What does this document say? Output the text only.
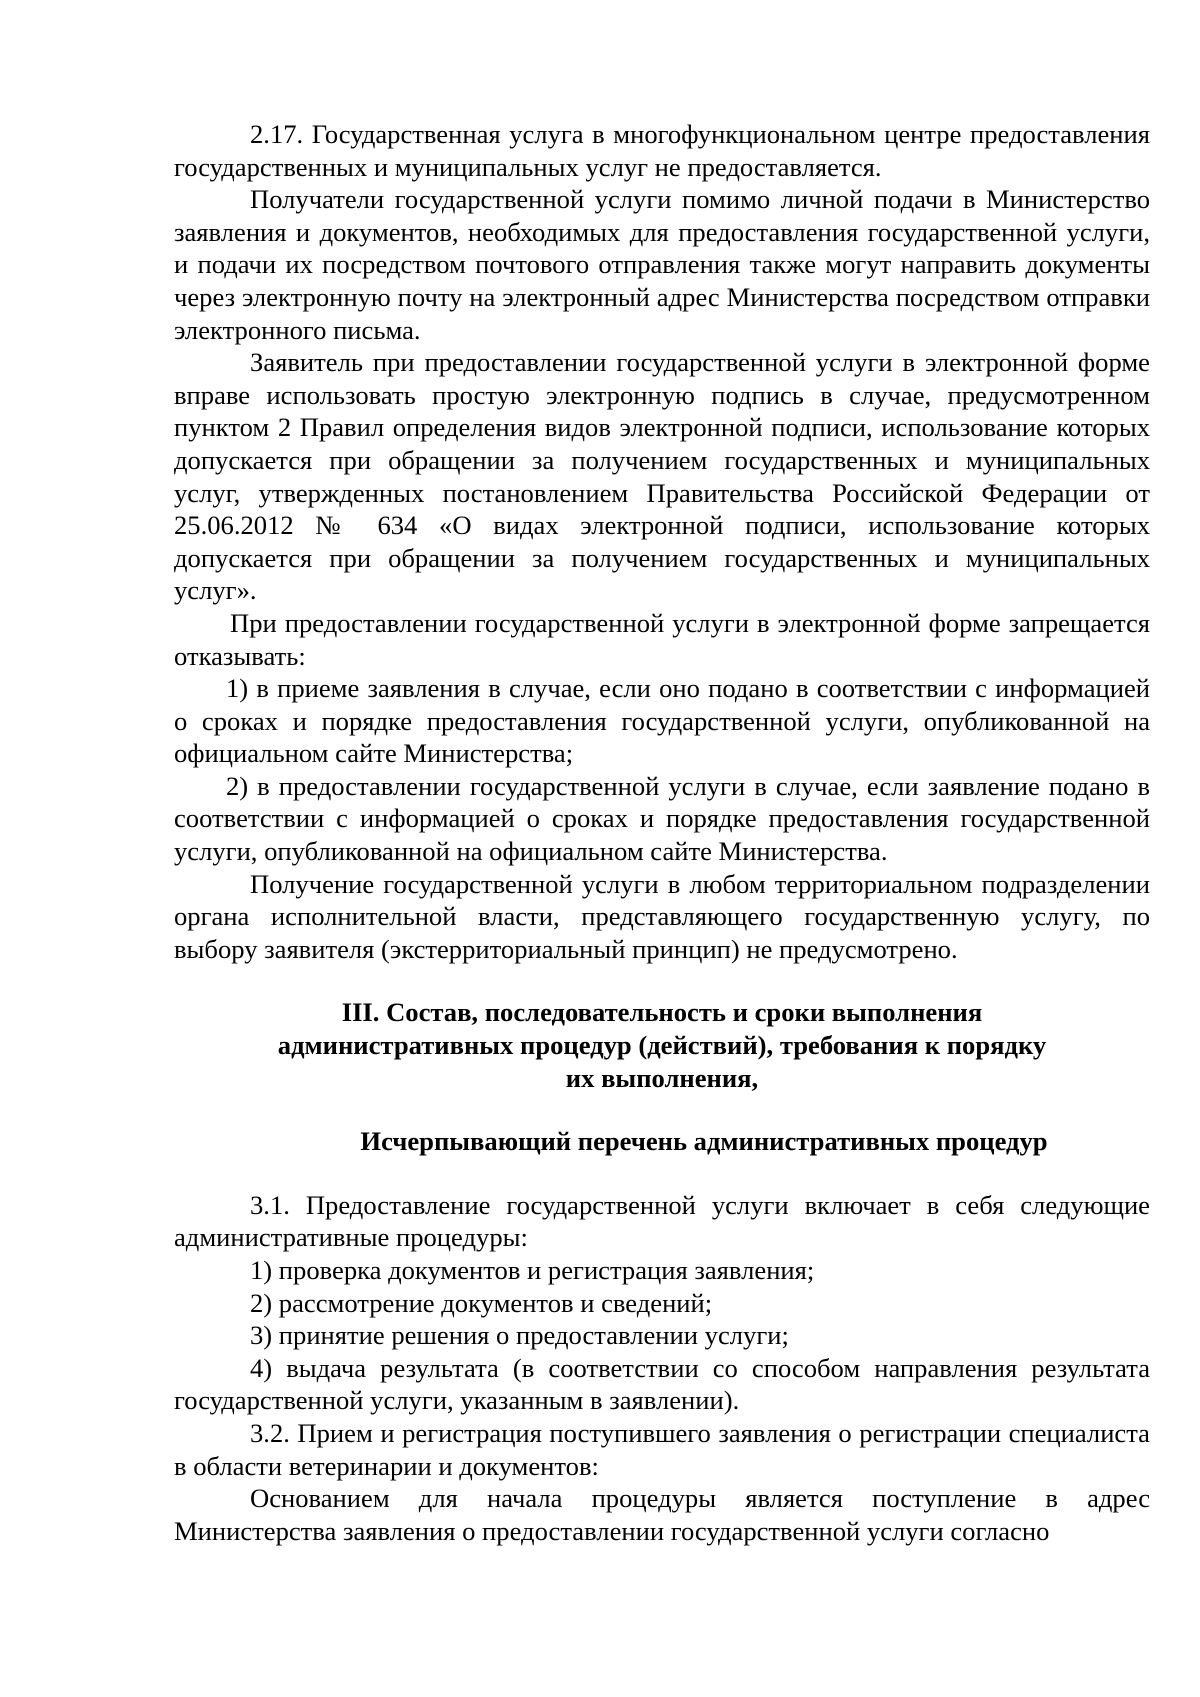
2.17. Государственная услуга в многофункциональном центре предоставления государственных и муниципальных услуг не предоставляется.

Получатели государственной услуги помимо личной подачи в Министерство заявления и документов, необходимых для предоставления государственной услуги, и подачи их посредством почтового отправления также могут направить документы через электронную почту на электронный адрес Министерства посредством отправки электронного письма.

Заявитель при предоставлении государственной услуги в электронной форме вправе использовать простую электронную подпись в случае, предусмотренном пунктом 2 Правил определения видов электронной подписи, использование которых допускается при обращении за получением государственных и муниципальных услуг, утвержденных постановлением Правительства Российской Федерации от 25.06.2012 № 634 «О видах электронной подписи, использование которых допускается при обращении за получением государственных и муниципальных услуг».

При предоставлении государственной услуги в электронной форме запрещается отказывать:

1) в приеме заявления в случае, если оно подано в соответствии с информацией о сроках и порядке предоставления государственной услуги, опубликованной на официальном сайте Министерства;

2) в предоставлении государственной услуги в случае, если заявление подано в соответствии с информацией о сроках и порядке предоставления государственной услуги, опубликованной на официальном сайте Министерства.

Получение государственной услуги в любом территориальном подразделении органа исполнительной власти, представляющего государственную услугу, по выбору заявителя (экстерриториальный принцип) не предусмотрено.

III. Состав, последовательность и сроки выполнения
административных процедур (действий), требования к порядку
их выполнения,
Исчерпывающий перечень административных процедур

3.1. Предоставление государственной услуги включает в себя следующие административные процедуры:

1) проверка документов и регистрация заявления;

2) рассмотрение документов и сведений;

3) принятие решения о предоставлении услуги;

4) выдача результата (в соответствии со способом направления результата государственной услуги, указанным в заявлении).

3.2. Прием и регистрация поступившего заявления о регистрации специалиста в области ветеринарии и документов:

Основанием для начала процедуры является поступление в адрес Министерства заявления о предоставлении государственной услуги согласно
